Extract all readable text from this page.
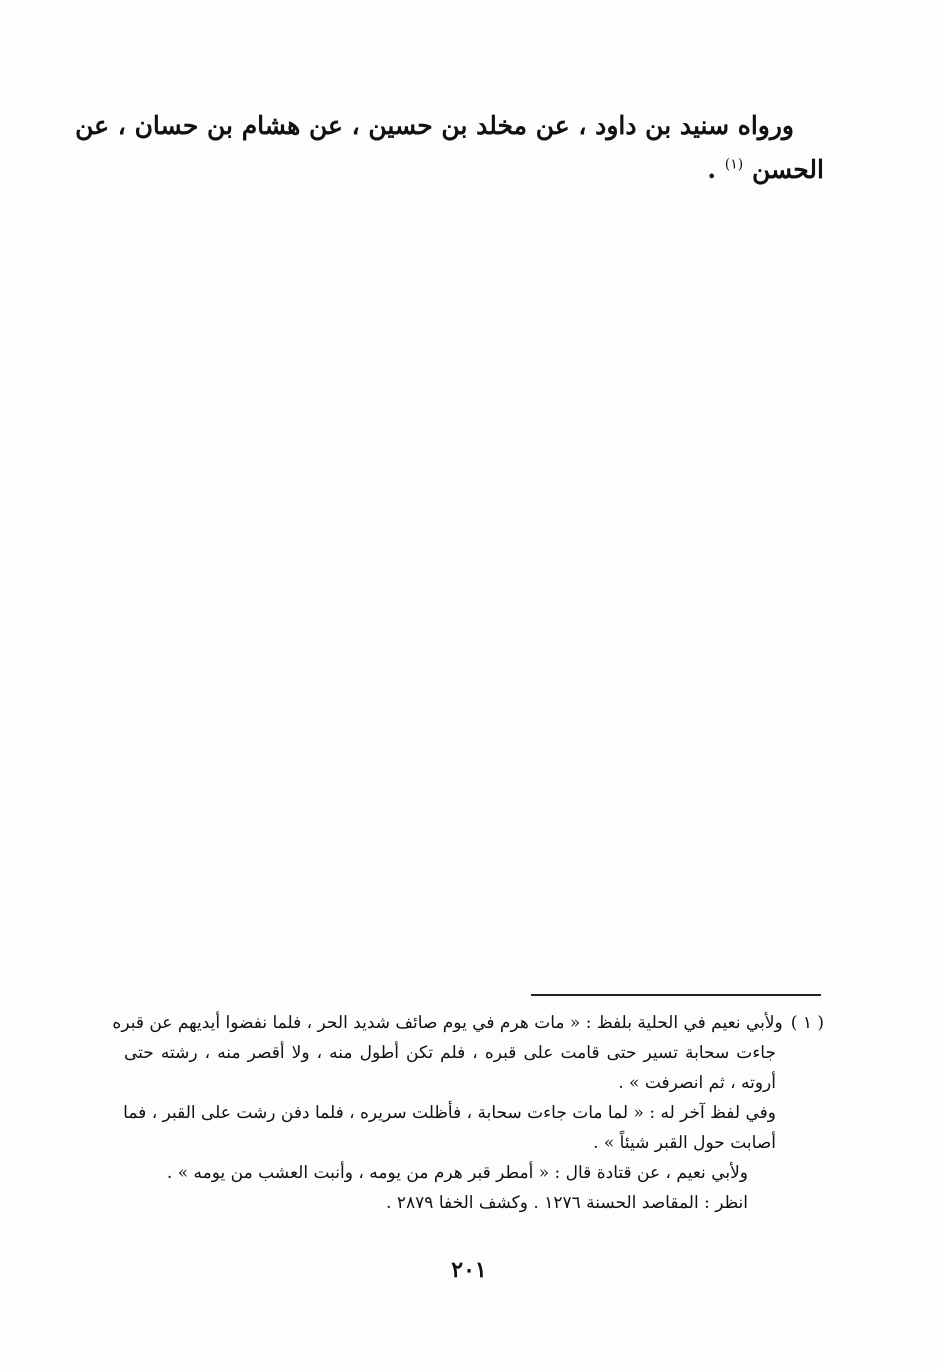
ورواه سنيد بن داود ، عن مخلد بن حسين ، عن هشام بن حسان ، عن
الحسن $^{(١)}$ .
( ١ )ولأبي نعيم في الحلية بلفظ : « مات هرم في يوم صائف شديد الحر ، فلما نفضوا أيديهم عن قبره
جاءت سحابة تسير حتى قامت على قبره ، فلم تكن أطول منه ، ولا أقصر منه ، رشته حتى
أروته ، ثم انصرفت » .
وفي لفظ آخر له : « لما مات جاءت سحابة ، فأظلت سريره ، فلما دفن رشت على القبر ، فما
أصابت حول القبر شيئاً » .
ولأبي نعيم ، عن قتادة قال : « أمطر قبر هرم من يومه ، وأنبت العشب من يومه » .
انظر : المقاصد الحسنة ١٢٧٦ . وكشف الخفا ٢٨٧٩ .
٢٠١
